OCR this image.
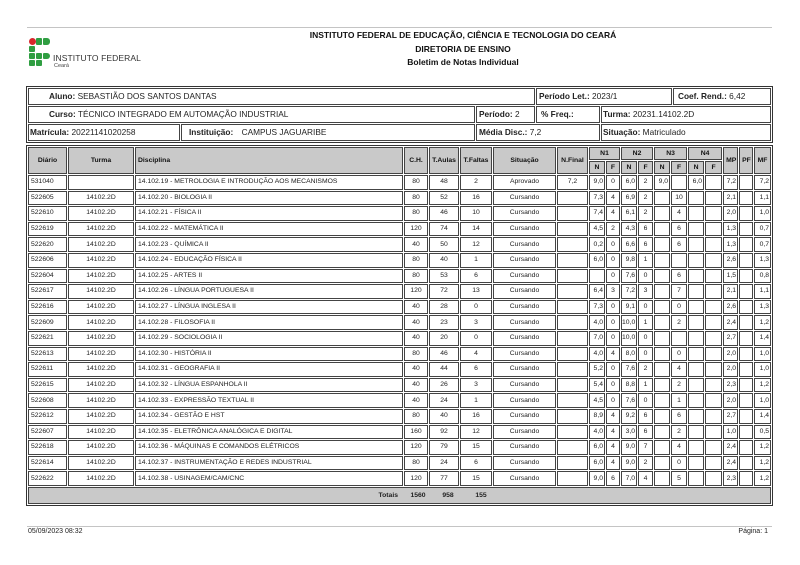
INSTITUTO FEDERAL
Ceará
INSTITUTO FEDERAL DE EDUCAÇÃO, CIÊNCIA E TECNOLOGIA DO CEARÁ
DIRETORIA DE ENSINO
Boletim de Notas Individual
Aluno: SEBASTIÃO DOS SANTOS DANTAS	Período Let.: 2023/1	Coef. Rend.: 6,42
Curso: TÉCNICO INTEGRADO EM AUTOMAÇÃO INDUSTRIAL	Período: 2	% Freq.:	Turma: 20231.14102.2D
Matrícula: 20221141020258	Instituição: CAMPUS JAGUARIBE	Média Disc.: 7,2	Situação: Matriculado
Diário	Turma	Disciplina	C.H.	T.Aulas	T.Faltas	Situação	N.Final	N1		N2		N3		N4		MP	PF	MF
								N	F	N	F	N	F	N	F			
531040		14.102.19 - METROLOGIA E INTRODUÇÃO AOS MECANISMOS	80	48	2	Aprovado	7,2	9,0	0	6,0	2	9,0		6,0		7,2		7,2
522605	14102.2D	14.102.20 - BIOLOGIA II	80	52	16	Cursando		7,3	4	6,9	2		10			2,1		1,1
522610	14102.2D	14.102.21 - FÍSICA II	80	46	10	Cursando		7,4	4	6,1	2		4			2,0		1,0
522619	14102.2D	14.102.22 - MATEMÁTICA II	120	74	14	Cursando		4,5	2	4,3	6		6			1,3		0,7
522620	14102.2D	14.102.23 - QUÍMICA II	40	50	12	Cursando		0,2	0	6,6	6		6			1,3		0,7
522606	14102.2D	14.102.24 - EDUCAÇÃO FÍSICA II	80	40	1	Cursando		6,0	0	9,8	1					2,6		1,3
522604	14102.2D	14.102.25 - ARTES II	80	53	6	Cursando			0	7,6	0		6			1,5		0,8
522617	14102.2D	14.102.26 - LÍNGUA PORTUGUESA II	120	72	13	Cursando		6,4	3	7,2	3		7			2,1		1,1
522616	14102.2D	14.102.27 - LÍNGUA INGLESA II	40	28	0	Cursando		7,3	0	9,1	0		0			2,6		1,3
522609	14102.2D	14.102.28 - FILOSOFIA II	40	23	3	Cursando		4,0	0	10,0	1		2			2,4		1,2
522621	14102.2D	14.102.29 - SOCIOLOGIA II	40	20	0	Cursando		7,0	0	10,0	0					2,7		1,4
522613	14102.2D	14.102.30 - HISTÓRIA II	80	46	4	Cursando		4,0	4	8,0	0		0			2,0		1,0
522611	14102.2D	14.102.31 - GEOGRAFIA II	40	44	6	Cursando		5,2	0	7,6	2		4			2,0		1,0
522615	14102.2D	14.102.32 - LÍNGUA ESPANHOLA II	40	26	3	Cursando		5,4	0	8,8	1		2			2,3		1,2
522608	14102.2D	14.102.33 - EXPRESSÃO TEXTUAL II	40	24	1	Cursando		4,5	0	7,6	0		1			2,0		1,0
522612	14102.2D	14.102.34 - GESTÃO E HST	80	40	16	Cursando		8,9	4	9,2	6		6			2,7		1,4
522607	14102.2D	14.102.35 - ELETRÔNICA ANALÓGICA E DIGITAL	160	92	12	Cursando		4,0	4	3,0	6		2			1,0		0,5
522618	14102.2D	14.102.36 - MÁQUINAS E COMANDOS ELÉTRICOS	120	79	15	Cursando		6,0	4	9,0	7		4			2,4		1,2
522614	14102.2D	14.102.37 - INSTRUMENTAÇÃO E REDES INDUSTRIAL	80	24	6	Cursando		6,0	4	9,0	2		0			2,4		1,2
522622	14102.2D	14.102.38 - USINAGEM/CAM/CNC	120	77	15	Cursando		9,0	6	7,0	4		5			2,3		1,2

Totais 1560 958 155																		
05/09/2023 08:32	Página: 1
